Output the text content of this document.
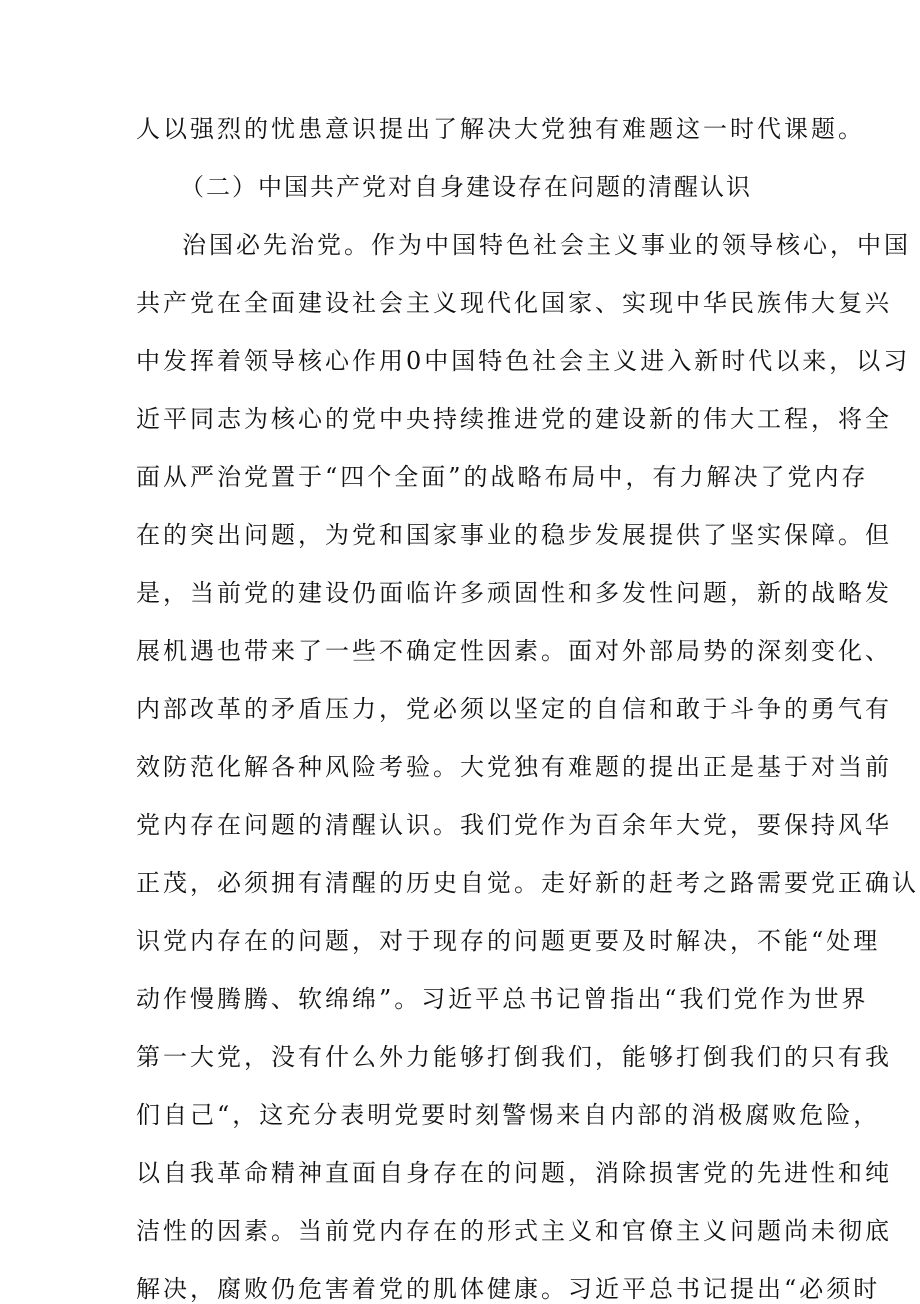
人以强烈的忧患意识提出了解决大党独有难题这一时代课题。
（二）中国共产党对自身建设存在问题的清醒认识
治国必先治党。作为中国特色社会主义事业的领导核心，中国
共产党在全面建设社会主义现代化国家、实现中华民族伟大复兴
中发挥着领导核心作用0中国特色社会主义进入新时代以来，以习
近平同志为核心的党中央持续推进党的建设新的伟大工程，将全
面从严治党置于“四个全面”的战略布局中，有力解决了党内存
在的突出问题，为党和国家事业的稳步发展提供了坚实保障。但
是，当前党的建设仍面临许多顽固性和多发性问题，新的战略发
展机遇也带来了一些不确定性因素。面对外部局势的深刻变化、
内部改革的矛盾压力，党必须以坚定的自信和敢于斗争的勇气有
效防范化解各种风险考验。大党独有难题的提出正是基于对当前
党内存在问题的清醒认识。我们党作为百余年大党，要保持风华
正茂，必须拥有清醒的历史自觉。走好新的赶考之路需要党正确认
识党内存在的问题，对于现存的问题更要及时解决，不能“处理
动作慢腾腾、软绵绵”。习近平总书记曾指出“我们党作为世界
第一大党，没有什么外力能够打倒我们，能够打倒我们的只有我
们自己“，这充分表明党要时刻警惕来自内部的消极腐败危险，
以自我革命精神直面自身存在的问题，消除损害党的先进性和纯
洁性的因素。当前党内存在的形式主义和官僚主义问题尚未彻底
解决，腐败仍危害着党的肌体健康。习近平总书记提出“必须时
